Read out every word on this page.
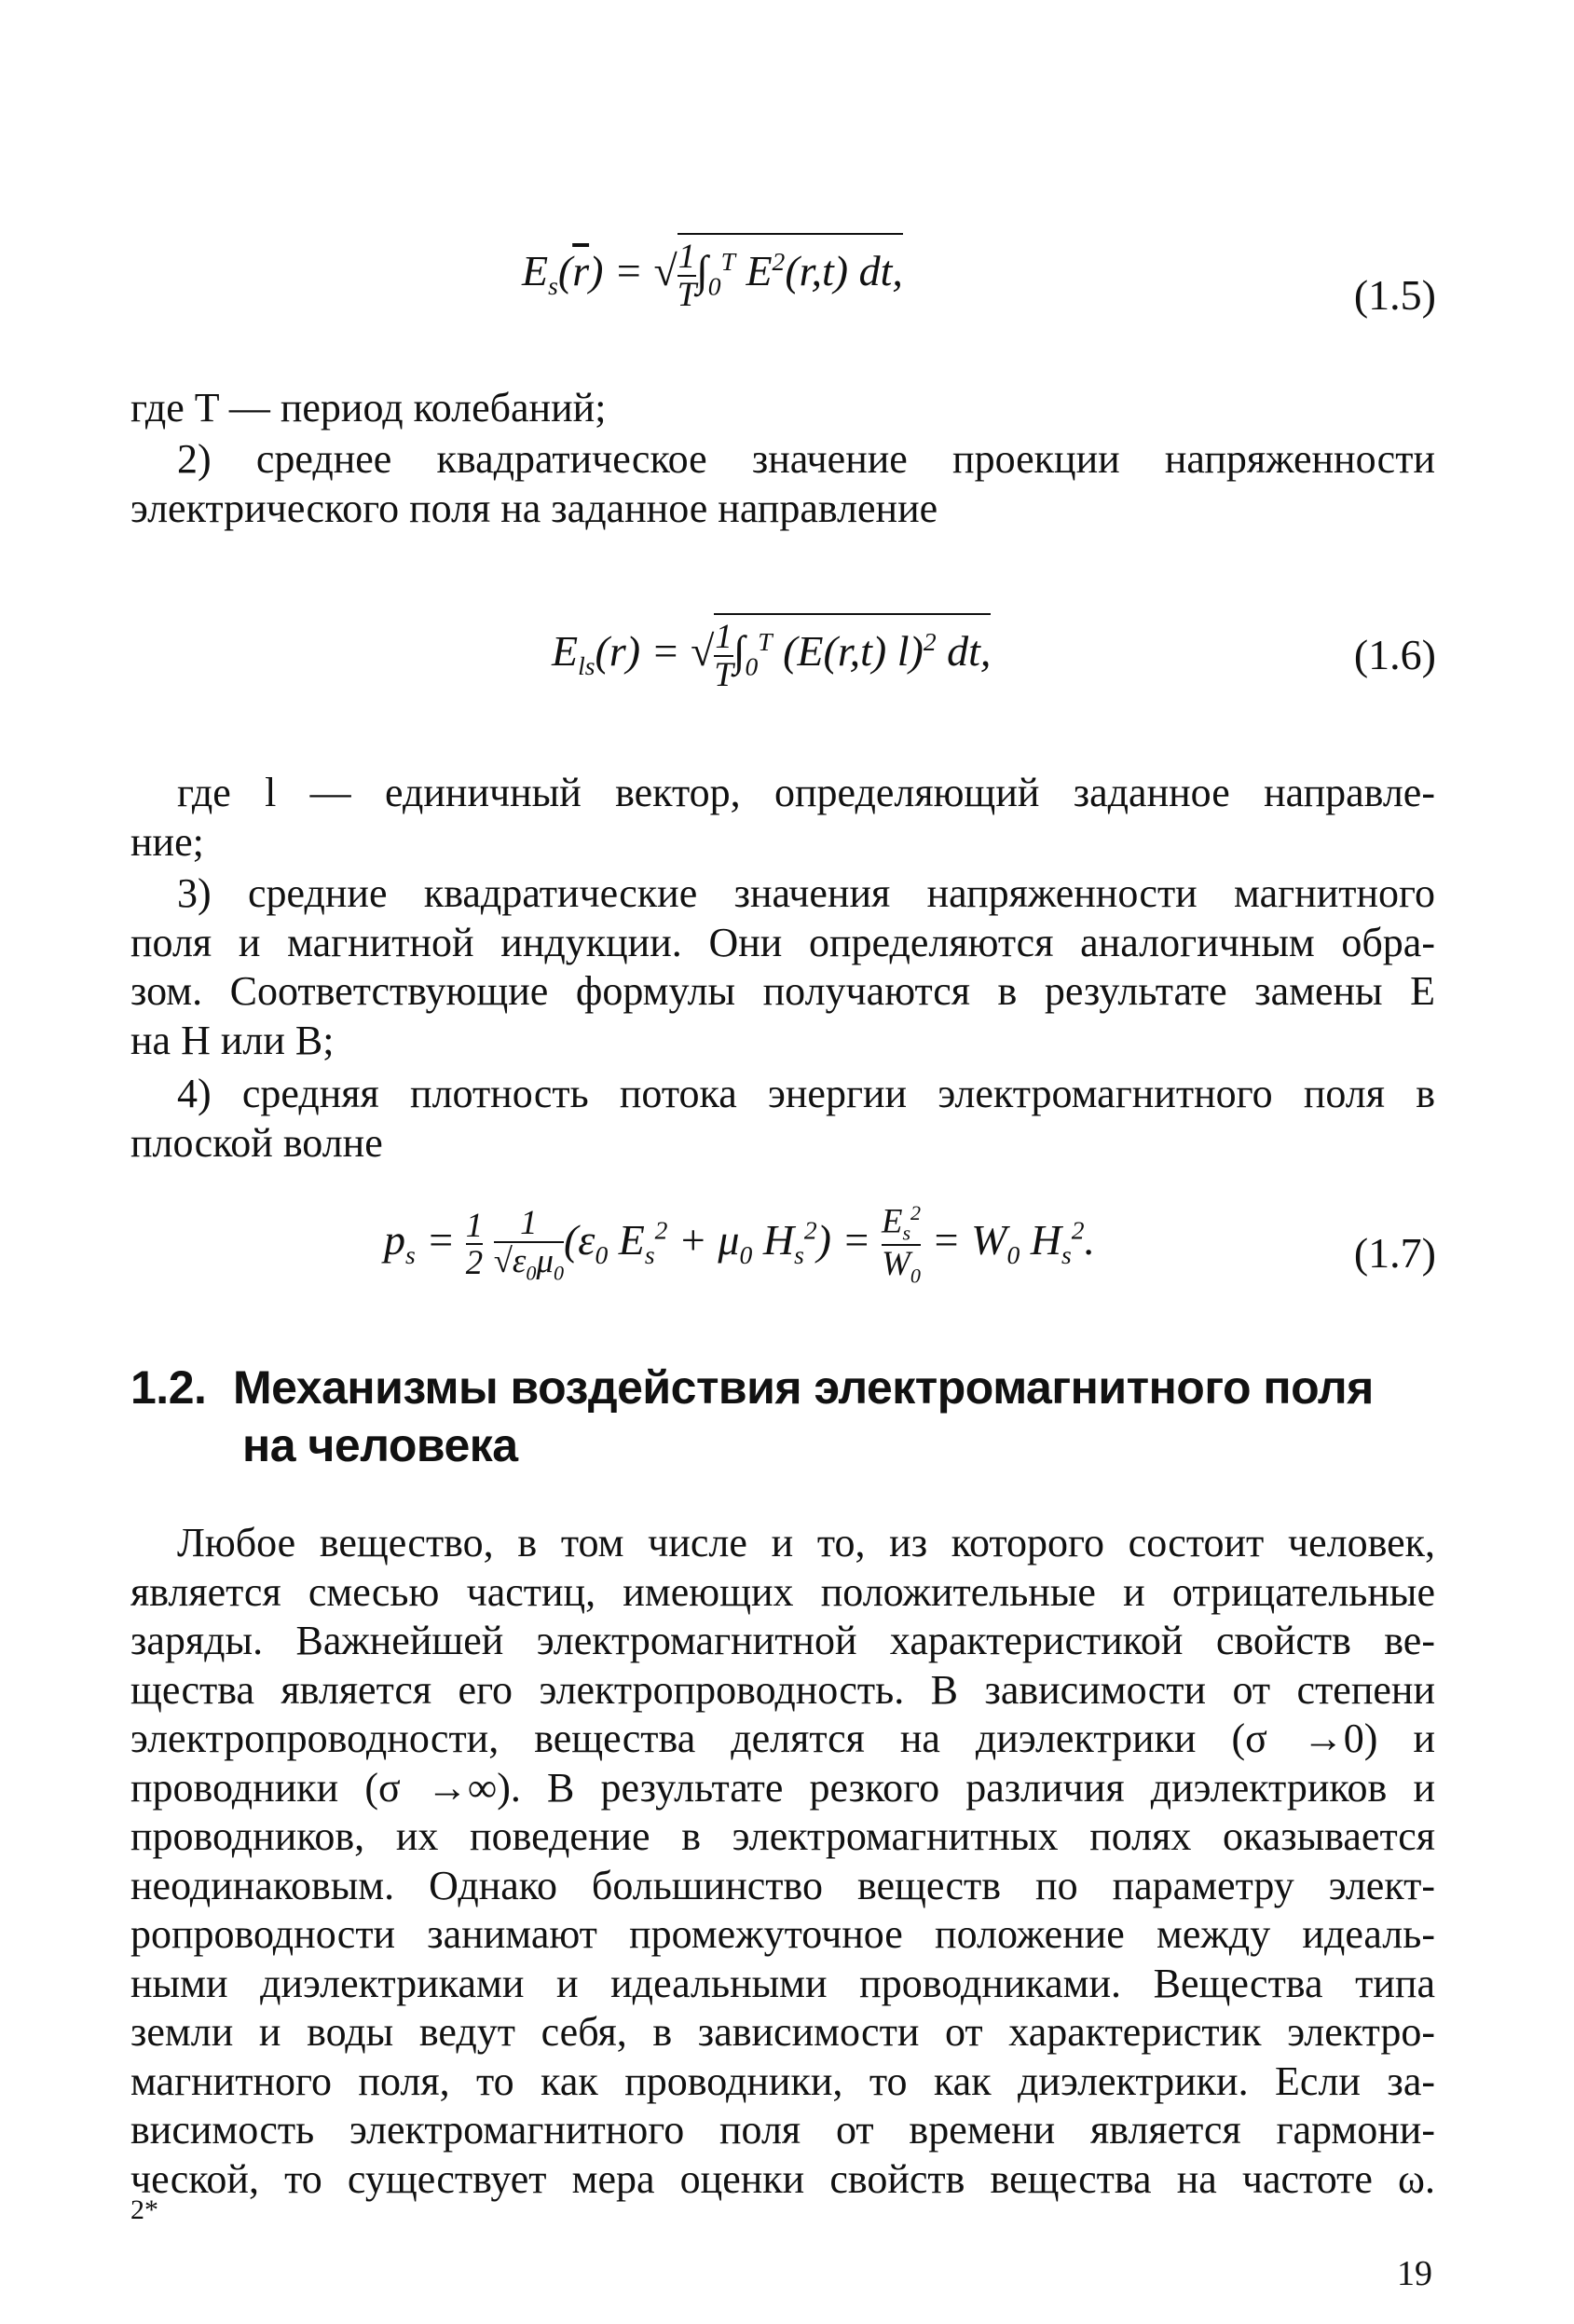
$E_s(\overline{r})$ = √ $\frac{1}{T} \int_0^T$ $E^2(r,t)$ dt,
(1.5)
где T — период колебаний;
2) среднее квадратическое значение проекции напряженности
электрического поля на заданное направление
$E_{ls}(r)$ = √ $\frac{1}{T} \int_0^T$ (E(r,t) l)$^2$ dt,	(1.6)
где l — единичный вектор, определяющий заданное направле-
ние;
3) средние квадратические значения напряженности магнитного
поля и магнитной индукции. Они определяются аналогичным обра-
зом. Соответствующие формулы получаются в результате замены E
на H или B;
4) средняя плотность потока энергии электромагнитного поля в
плоской волне
$p_s = \frac{1}{2}$
$\frac{1}{√\varepsilon_0\mu_0} (\varepsilon_0$ $E_s^2 + \mu_0$ $H_s^2) = \frac{E_s^2}{W_0} = W_0$ $H_s^2$.	(1.7)
1.2. Механизмы воздействия электромагнитного поля
на человека
Любое вещество, в том числе и то, из которого состоит человек,
является смесью частиц, имеющих положительные и отрицательные
заряды. Важнейшей электромагнитной характеристикой свойств ве-
щества является его электропроводность. В зависимости от степени
электропроводности, вещества делятся на диэлектрики (σ →0) и
проводники (σ →∞). В результате резкого различия диэлектриков и
проводников, их поведение в электромагнитных полях оказывается
неодинаковым. Однако большинство веществ по параметру элект-
ропроводности занимают промежуточное положение между идеаль-
ными диэлектриками и идеальными проводниками. Вещества типа
земли и воды ведут себя, в зависимости от характеристик электро-
магнитного поля, то как проводники, то как диэлектрики. Если за-
висимость электромагнитного поля от времени является гармони-
ческой, то существует мера оценки свойств вещества на частоте ω.
2*
19
